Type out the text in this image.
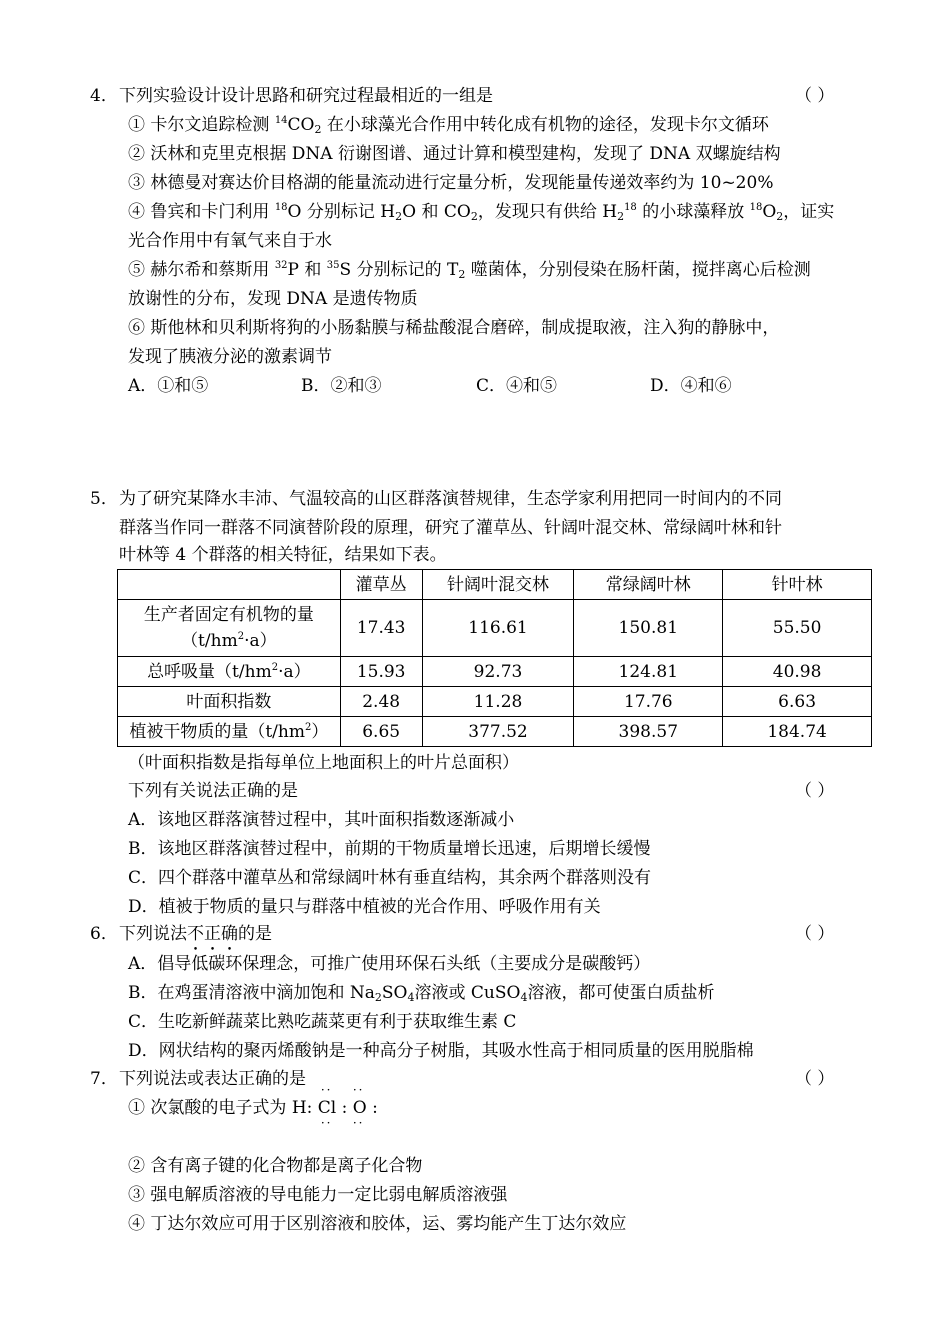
4． 下列实验设计设计思路和研究过程最相近的一组是	（ ）
① 卡尔文追踪检测 $^{14}CO_2$ 在小球藻光合作用中转化成有机物的途径，发现卡尔文循环
② 沃林和克里克根据 DNA 衍谢图谱、通过计算和模型建构，发现了 DNA 双螺旋结构
③ 林德曼对赛达价目格湖的能量流动进行定量分析，发现能量传递效率约为 10~20%
④ 鲁宾和卡门利用 $^{18}$O 分别标记 $H_2O$ 和 $CO_2$，发现只有供给 $H_2^{18}$ 的小球藻释放 $^{18}O_2$，证实
光合作用中有氧气来自于水
⑤ 赫尔希和蔡斯用 $^{32}$P 和 $^{35}$S 分别标记的 $T_2$ 噬菌体，分别侵染在肠杆菌，搅拌离心后检测
放谢性的分布，发现 DNA 是遗传物质
⑥ 斯他林和贝利斯将狗的小肠黏膜与稀盐酸混合磨碎，制成提取液，注入狗的静脉中，
发现了胰液分泌的激素调节
A．①和⑤	B．②和③	C．④和⑤	D．④和⑥
5． 为了研究某降水丰沛、气温较高的山区群落演替规律，生态学家利用把同一时间内的不同
群落当作同一群落不同演替阶段的原理，研究了灌草丛、针阔叶混交林、常绿阔叶林和针
叶林等 4 个群落的相关特征，结果如下表。
	灌草丛	针阔叶混交林	常绿阔叶林	针叶林
生产者固定有机物的量
$(t/hm^2\cdot a)$	17.43	116.61	150.81	55.50
总呼吸量$(t/hm^2\cdot a)$	15.93	92.73	124.81	40.98
叶面积指数	2.48	11.28	17.76	6.63
植被干物质的量$(t/hm^2)$	6.65	377.52	398.57	184.74
（叶面积指数是指每单位上地面积上的叶片总面积）
下列有关说法正确的是	（ ）
A．该地区群落演替过程中，其叶面积指数逐渐减小
B．该地区群落演替过程中，前期的干物质量增长迅速，后期增长缓慢
C．四个群落中灌草丛和常绿阔叶林有垂直结构，其余两个群落则没有
D．植被于物质的量只与群落中植被的光合作用、呼吸作用有关
6． 下列说法不正确的是	（ ）
A．倡导低碳环保理念，可推广使用环保石头纸（主要成分是碳酸钙）
B．在鸡蛋清溶液中滴加饱和 $Na_2SO_4$溶液或 CuSO$_4$溶液，都可使蛋白质盐析
C．生吃新鲜蔬菜比熟吃蔬菜更有利于获取维生素 C
D．网状结构的聚丙烯酸钠是一种高分子树脂，其吸水性高于相同质量的医用脱脂棉
7． 下列说法或表达正确的是	（ ）
① 次氯酸的电子式为 H: Cl : O :
·· ··
·· ··
② 含有离子键的化合物都是离子化合物
③ 强电解质溶液的导电能力一定比弱电解质溶液强
④ 丁达尔效应可用于区别溶液和胶体，运、雾均能产生丁达尔效应
